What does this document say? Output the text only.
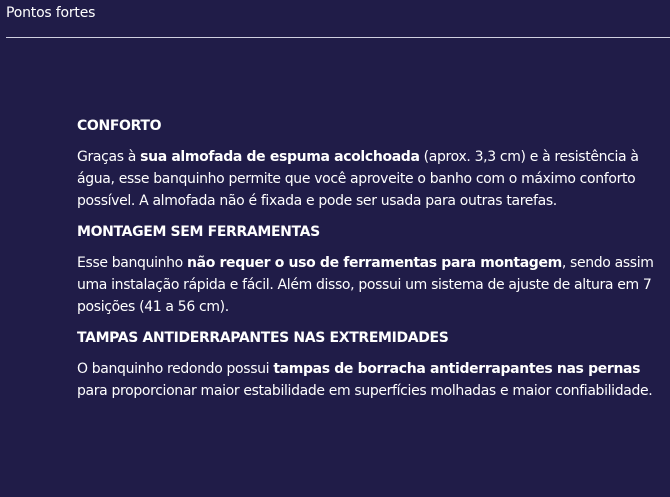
Pontos fortes
CONFORTO

Graças à sua almofada de espuma acolchoada (aprox. 3,3 cm) e à resistência à água, esse banquinho permite que você aproveite o banho com o máximo conforto possível. A almofada não é fixada e pode ser usada para outras tarefas.

MONTAGEM SEM FERRAMENTAS

Esse banquinho não requer o uso de ferramentas para montagem, sendo assim uma instalação rápida e fácil. Além disso, possui um sistema de ajuste de altura em 7 posições (41 a 56 cm).

TAMPAS ANTIDERRAPANTES NAS EXTREMIDADES

O banquinho redondo possui tampas de borracha antiderrapantes nas pernas para proporcionar maior estabilidade em superfícies molhadas e maior confiabilidade.
